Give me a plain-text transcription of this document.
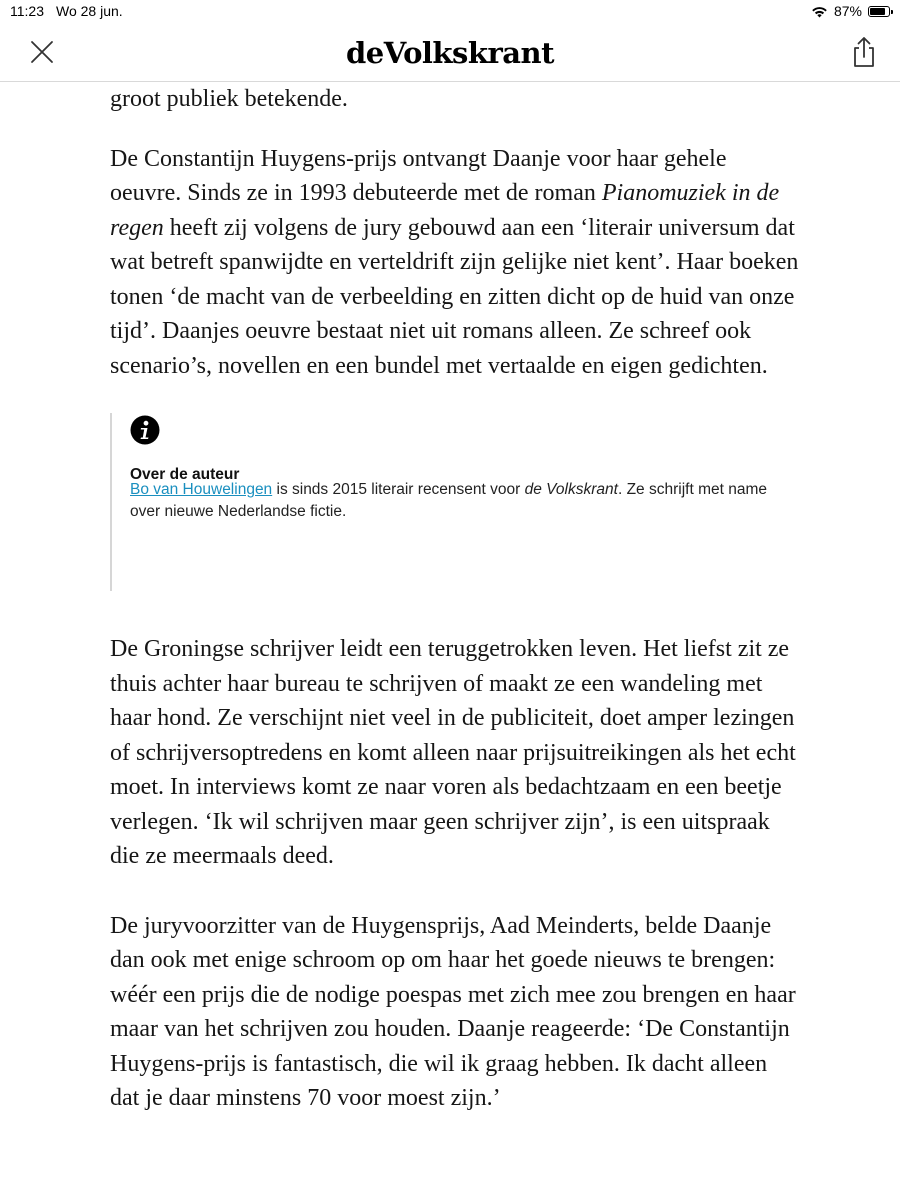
11:23 Wo 28 jun.	87%
deVolkskrant

groot publiek betekende.

De Constantijn Huygens-prijs ontvangt Daanje voor haar gehele oeuvre. Sinds ze in 1993 debuteerde met de roman Pianomuziek in de regen heeft zij volgens de jury gebouwd aan een ‘literair universum dat wat betreft spanwijdte en verteldrift zijn gelijke niet kent’. Haar boeken tonen ‘de macht van de verbeelding en zitten dicht op de huid van onze tijd’. Daanjes oeuvre bestaat niet uit romans alleen. Ze schreef ook scenario’s, novellen en een bundel met vertaalde en eigen gedichten.

Over de auteur
Bo van Houwelingen is sinds 2015 literair recensent voor de Volkskrant. Ze schrijft met name over nieuwe Nederlandse fictie.

De Groningse schrijver leidt een teruggetrokken leven. Het liefst zit ze thuis achter haar bureau te schrijven of maakt ze een wandeling met haar hond. Ze verschijnt niet veel in de publiciteit, doet amper lezingen of schrijversoptredens en komt alleen naar prijsuitreikingen als het echt moet. In interviews komt ze naar voren als bedachtzaam en een beetje verlegen. ‘Ik wil schrijven maar geen schrijver zijn’, is een uitspraak die ze meermaals deed.

De juryvoorzitter van de Huygensprijs, Aad Meinderts, belde Daanje dan ook met enige schroom op om haar het goede nieuws te brengen: wéér een prijs die de nodige poespas met zich mee zou brengen en haar maar van het schrijven zou houden. Daanje reageerde: ‘De Constantijn Huygens-prijs is fantastisch, die wil ik graag hebben. Ik dacht alleen dat je daar minstens 70 voor moest zijn.’
